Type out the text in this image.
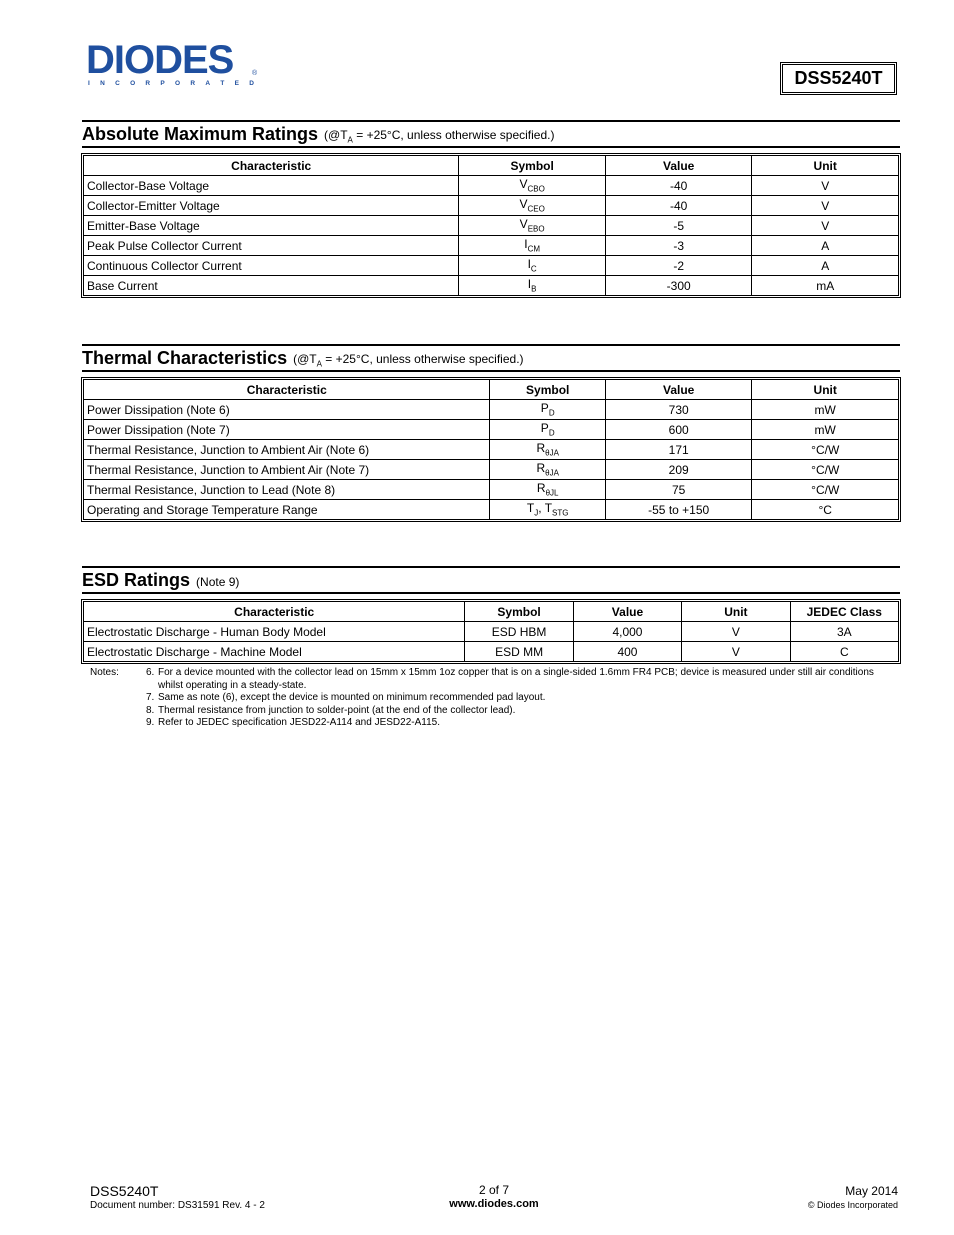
DIODES	®
I N C O R P O R A T E D	DSS5240T
Absolute Maximum Ratings ($@T_A = +25^\circ C$, unless otherwise specified.)
Characteristic	Symbol	Value	Unit
Collector-Base Voltage	$V_{CBO}$	-40	V
Collector-Emitter Voltage	$V_{CEO}$	-40	V
Emitter-Base Voltage	$V_{EBO}$	-5	V
Peak Pulse Collector Current	$I_{CM}$	-3	A
Continuous Collector Current	$I_C$	-2	A
Base Current	$I_B$	-300	mA
Thermal Characteristics ($@T_A = +25^\circ C$, unless otherwise specified.)
Characteristic	Symbol	Value	Unit
Power Dissipation (Note 6)	$P_D$	730	mW
Power Dissipation (Note 7)	$P_D$	600	mW
Thermal Resistance, Junction to Ambient Air (Note 6)	$R_{\theta JA}$	171	°C/W
Thermal Resistance, Junction to Ambient Air (Note 7)	$R_{\theta JA}$	209	°C/W
Thermal Resistance, Junction to Lead (Note 8)	$R_{\theta JL}$	75	°C/W
Operating and Storage Temperature Range	$T_J$, $T_{STG}$	-55 to +150	°C
ESD Ratings (Note 9)
Characteristic	Symbol	Value	Unit	JEDEC Class
Electrostatic Discharge - Human Body Model	ESD HBM	4,000	V	3A
Electrostatic Discharge - Machine Model	ESD MM	400	V	C
Notes:	6. For a device mounted with the collector lead on 15mm x 15mm 1oz copper that is on a single-sided 1.6mm FR4 PCB; device is measured under still air conditions whilst operating in a steady-state.
7. Same as note (6), except the device is mounted on minimum recommended pad layout.
8. Thermal resistance from junction to solder-point (at the end of the collector lead).
9. Refer to JEDEC specification JESD22-A114 and JESD22-A115.
DSS5240T
Document number: DS31591 Rev. 4 - 2
2 of 7
www.diodes.com
May 2014
© Diodes Incorporated
